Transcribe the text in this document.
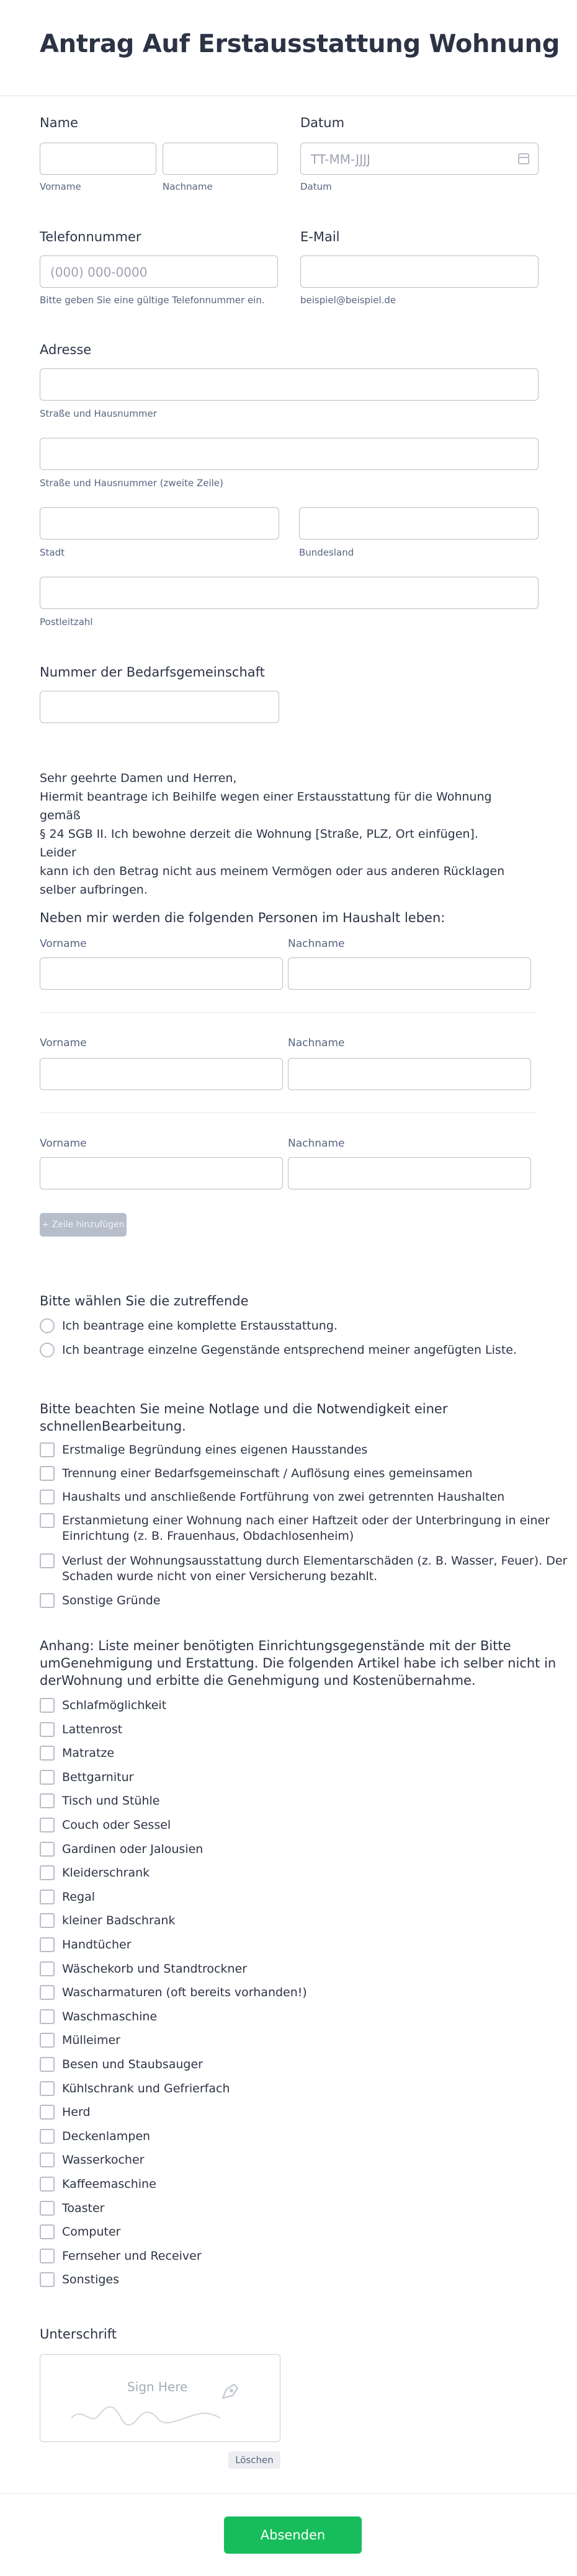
Antrag Auf Erstausstattung Wohnung
Name
Vorname	Nachname
Datum
TT-MM-JJJJ
Datum
Telefonnummer
(000) 000-0000
Bitte geben Sie eine gültige Telefonnummer ein.
E-Mail
beispiel@beispiel.de
Adresse
Straße und Hausnummer
Straße und Hausnummer (zweite Zeile)
Stadt	Bundesland
Postleitzahl
Nummer der Bedarfsgemeinschaft

Sehr geehrte Damen und Herren,

Hiermit beantrage ich Beihilfe wegen einer Erstausstattung für die Wohnung gemäß

§ 24 SGB II. Ich bewohne derzeit die Wohnung [Straße, PLZ, Ort einfügen]. Leider

kann ich den Betrag nicht aus meinem Vermögen oder aus anderen Rücklagen

selber aufbringen.

Neben mir werden die folgenden Personen im Haushalt leben:
Vorname	Nachname
Vorname	Nachname
Vorname	Nachname
+ Zeile hinzufügen
Bitte wählen Sie die zutreffende
Ich beantrage eine komplette Erstausstattung.
Ich beantrage einzelne Gegenstände entsprechend meiner angefügten Liste.
Bitte beachten Sie meine Notlage und die Notwendigkeit einer
schnellenBearbeitung.
Erstmalige Begründung eines eigenen Hausstandes
Trennung einer Bedarfsgemeinschaft / Auflösung eines gemeinsamen
Haushalts und anschließende Fortführung von zwei getrennten Haushalten
Erstanmietung einer Wohnung nach einer Haftzeit oder der Unterbringung in einer
Einrichtung (z. B. Frauenhaus, Obdachlosenheim)
Verlust der Wohnungsausstattung durch Elementarschäden (z. B. Wasser, Feuer). Der
Schaden wurde nicht von einer Versicherung bezahlt.
Sonstige Gründe
Anhang: Liste meiner benötigten Einrichtungsgegenstände mit der Bitte
umGenehmigung und Erstattung. Die folgenden Artikel habe ich selber nicht in
derWohnung und erbitte die Genehmigung und Kostenübernahme.
Schlafmöglichkeit
Lattenrost
Matratze
Bettgarnitur
Tisch und Stühle
Couch oder Sessel
Gardinen oder Jalousien
Kleiderschrank
Regal
kleiner Badschrank
Handtücher
Wäschekorb und Standtrockner
Wascharmaturen (oft bereits vorhanden!)
Waschmaschine
Mülleimer
Besen und Staubsauger
Kühlschrank und Gefrierfach
Herd
Deckenlampen
Wasserkocher
Kaffeemaschine
Toaster
Computer
Fernseher und Receiver
Sonstiges
Unterschrift
Sign Here
Löschen
Absenden
